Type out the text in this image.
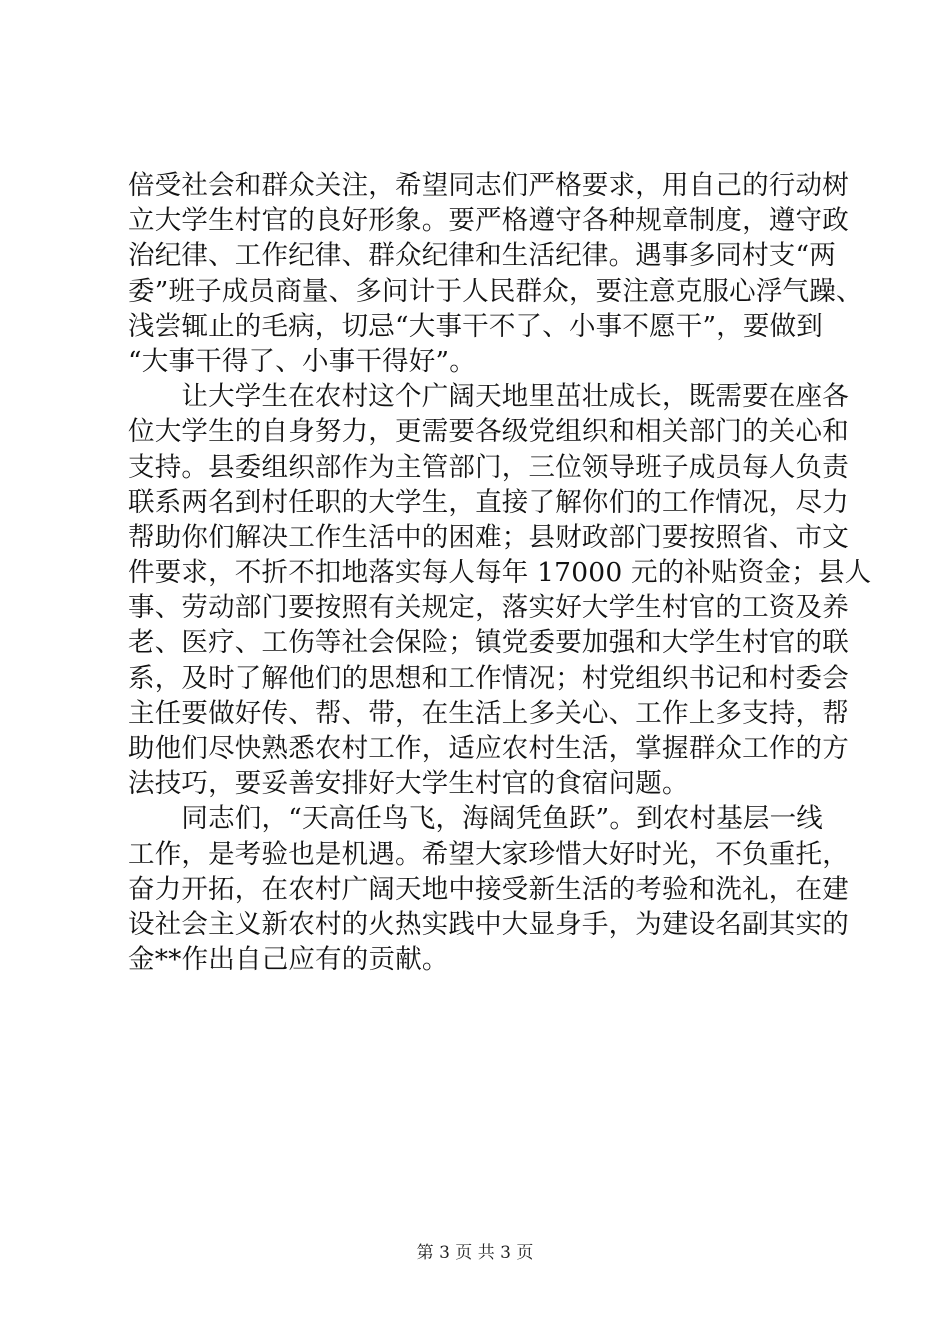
倍受社会和群众关注，希望同志们严格要求，用自己的行动树
立大学生村官的良好形象。要严格遵守各种规章制度，遵守政
治纪律、工作纪律、群众纪律和生活纪律。遇事多同村支“两
委”班子成员商量、多问计于人民群众，要注意克服心浮气躁、
浅尝辄止的毛病，切忌“大事干不了、小事不愿干”，要做到
“大事干得了、小事干得好”。
　　让大学生在农村这个广阔天地里茁壮成长，既需要在座各
位大学生的自身努力，更需要各级党组织和相关部门的关心和
支持。县委组织部作为主管部门，三位领导班子成员每人负责
联系两名到村任职的大学生，直接了解你们的工作情况，尽力
帮助你们解决工作生活中的困难；县财政部门要按照省、市文
件要求，不折不扣地落实每人每年 17000 元的补贴资金；县人
事、劳动部门要按照有关规定，落实好大学生村官的工资及养
老、医疗、工伤等社会保险；镇党委要加强和大学生村官的联
系，及时了解他们的思想和工作情况；村党组织书记和村委会
主任要做好传、帮、带，在生活上多关心、工作上多支持，帮
助他们尽快熟悉农村工作，适应农村生活，掌握群众工作的方
法技巧，要妥善安排好大学生村官的食宿问题。
　　同志们，“天高任鸟飞，海阔凭鱼跃”。到农村基层一线
工作，是考验也是机遇。希望大家珍惜大好时光，不负重托，
奋力开拓，在农村广阔天地中接受新生活的考验和洗礼，在建
设社会主义新农村的火热实践中大显身手，为建设名副其实的
金**作出自己应有的贡献。
第 3 页 共 3 页
